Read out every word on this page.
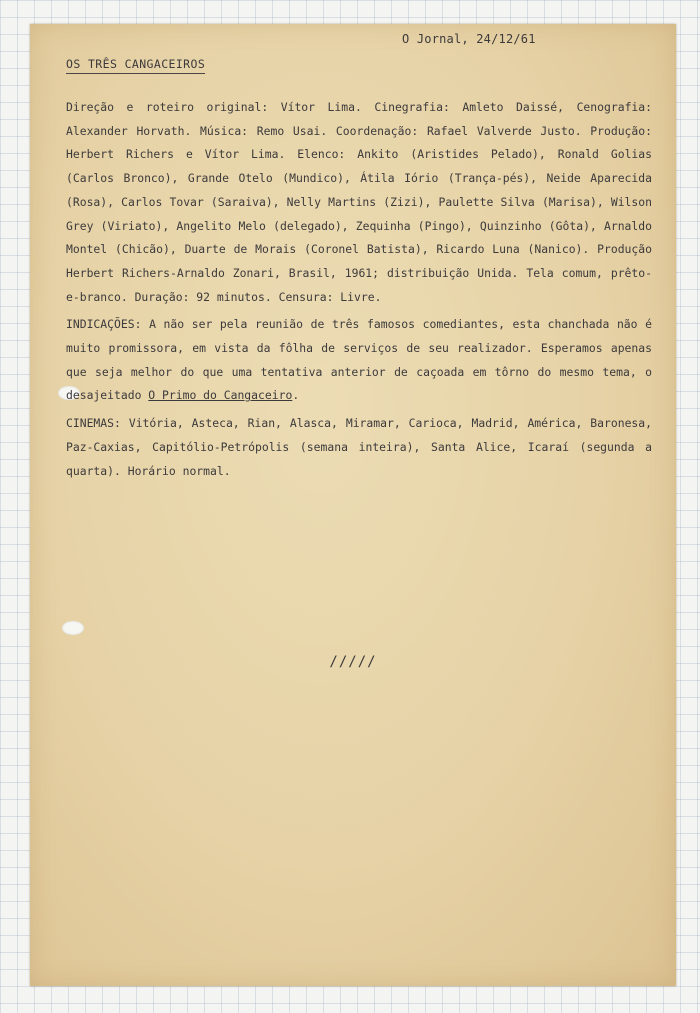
O Jornal, 24/12/61
OS TRÊS CANGACEIROS

Direção e roteiro original: Vítor Lima. Cinegrafia: Amleto Daissé, Cenografia: Alexander Horvath. Música: Remo Usai. Coordenação: Rafael Valverde Justo. Produção: Herbert Richers e Vítor Lima. Elenco: Ankito (Aristides Pelado), Ronald Golias (Carlos Bronco), Grande Otelo (Mundico), Átila Iório (Trança-pés), Neide Aparecida (Rosa), Carlos Tovar (Saraiva), Nelly Martins (Zizi), Paulette Silva (Marisa), Wilson Grey (Viriato), Angelito Melo (delegado), Zequinha (Pingo), Quinzinho (Gôta), Arnaldo Montel (Chicão), Duarte de Morais (Coronel Batista), Ricardo Luna (Nanico). Produção Herbert Richers-Arnaldo Zonari, Brasil, 1961; distribuição Unida. Tela comum, prêto-e-branco. Duração: 92 minutos. Censura: Livre.

INDICAÇÕES: A não ser pela reunião de três famosos comediantes, esta chanchada não é muito promissora, em vista da fôlha de serviços de seu realizador. Esperamos apenas que seja melhor do que uma tentativa anterior de caçoada em tôrno do mesmo tema, o desajeitado O Primo do Cangaceiro.

CINEMAS: Vitória, Asteca, Rian, Alasca, Miramar, Carioca, Madrid, América, Baronesa, Paz-Caxias, Capitólio-Petrópolis (semana inteira), Santa Alice, Icaraí (segunda a quarta). Horário normal.

/////
